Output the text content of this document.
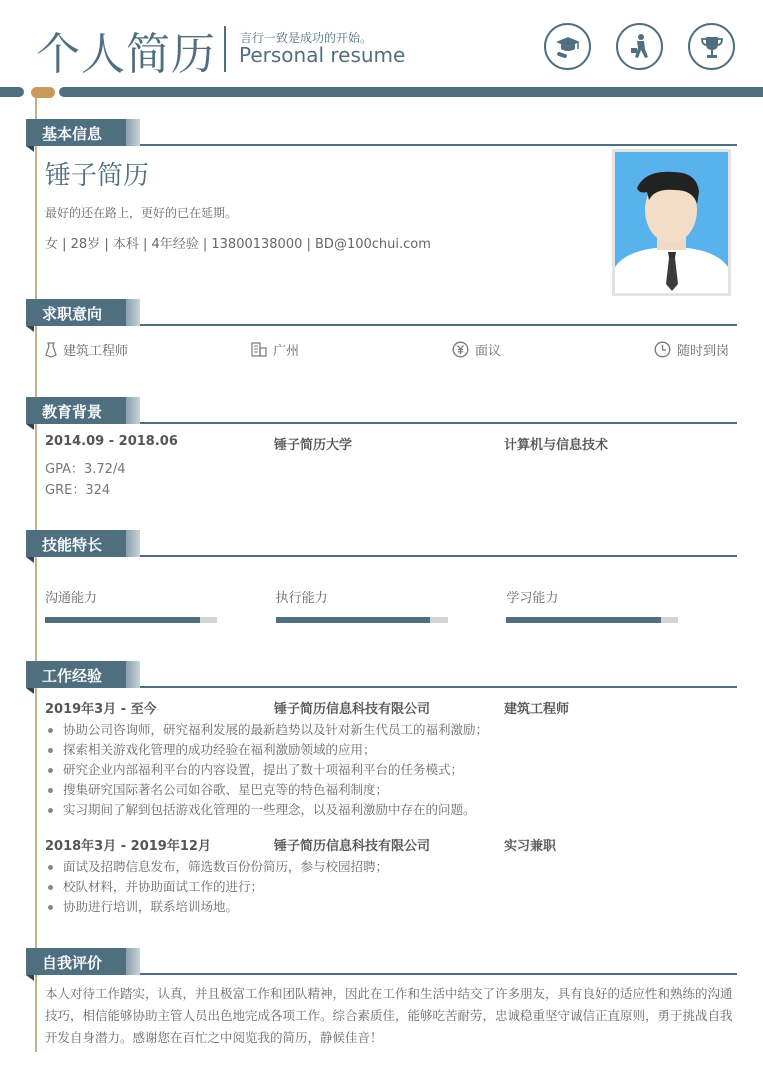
个人简历 言行一致是成功的开始。
Personal resume
基本信息
锤子简历
最好的还在路上，更好的已在延期。
女 | 28岁 | 本科 | 4年经验 | 13800138000 | BD@100chui.com
求职意向
建筑工程师	广州	面议	随时到岗
教育背景
2014.09 - 2018.06	锤子简历大学	计算机与信息技术
GPA：3.72/4
GRE：324
技能特长
沟通能力	执行能力	学习能力
工作经验
2019年3月 - 至今	锤子简历信息科技有限公司	建筑工程师
协助公司咨询师，研究福利发展的最新趋势以及针对新生代员工的福利激励；
探索相关游戏化管理的成功经验在福利激励领域的应用；
研究企业内部福利平台的内容设置，提出了数十项福利平台的任务模式；
搜集研究国际著名公司如谷歌、星巴克等的特色福利制度；
实习期间了解到包括游戏化管理的一些理念，以及福利激励中存在的问题。
2018年3月 - 2019年12月	锤子简历信息科技有限公司	实习兼职
面试及招聘信息发布，筛选数百份份简历，参与校园招聘；
校队材料，并协助面试工作的进行；
协助进行培训，联系培训场地。
自我评价
本人对待工作踏实，认真，并且极富工作和团队精神，因此在工作和生活中结交了许多朋友，具有良好的适应性和熟练的沟通技巧，相信能够协助主管人员出色地完成各项工作。综合素质佳，能够吃苦耐劳，忠诚稳重坚守诚信正直原则，勇于挑战自我开发自身潜力。感谢您在百忙之中阅览我的简历，静候佳音！
